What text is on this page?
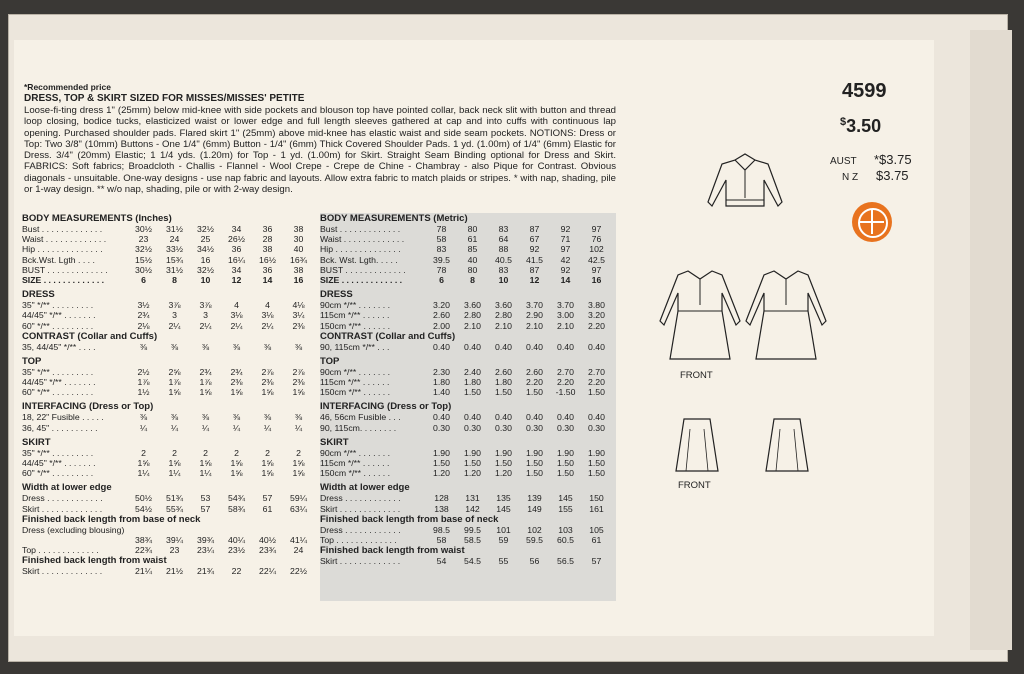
*Recommended price
DRESS, TOP & SKIRT SIZED FOR MISSES/MISSES' PETITE
Loose-fi-ting dress 1" (25mm) below mid-knee with side pockets and blouson top have pointed collar, back neck slit with button and thread loop closing, bodice tucks, elasticized waist or lower edge and full length sleeves gathered at cap and into cuffs with continuous lap opening. Purchased shoulder pads. Flared skirt 1" (25mm) above mid-knee has elastic waist and side seam pockets. NOTIONS: Dress or Top: Two 3/8" (10mm) Buttons - One 1/4" (6mm) Button - 1/4" (6mm) Thick Covered Shoulder Pads. 1 yd. (1.00m) of 1/4" (6mm) Elastic for Dress. 3/4" (20mm) Elastic; 1 1/4 yds. (1.20m) for Top - 1 yd. (1.00m) for Skirt. Straight Seam Binding optional for Dress and Skirt. FABRICS: Soft fabrics; Broadcloth - Challis - Flannel - Wool Crepe - Crepe de Chine - Chambray - also Pique for Contrast. Obvious diagonals - unsuitable. One-way designs - use nap fabric and layouts. Allow extra fabric to match plaids or stripes. * with nap, shading, pile or 1-way design. ** w/o nap, shading, pile or with 2-way design.
4599
$3.50
AUST *$3.75
N Z $3.75
BODY MEASUREMENTS (Inches)
Bust . . . . . . . . . . . . .	30½	31½	32½	34	36	38
Waist . . . . . . . . . . . . .	23	24	25	26½	28	30
Hip . . . . . . . . . . . . . .	32½	33½	34½	36	38	40
Bck.Wst. Lgth . . . .	15½	15¾	16	16¼	16½	16¾
BUST . . . . . . . . . . . . .	30½	31½	32½	34	36	38
SIZE . . . . . . . . . . . . .	6	8	10	12	14	16
DRESS
35" */** . . . . . . . . .	3½	3⅞	3⅞	4	4	4⅛
44/45" */** . . . . . . .	2¾	3	3	3⅛	3⅛	3¼
60" */** . . . . . . . . .	2⅛	2¼	2¼	2¼	2¼	2⅜
CONTRAST (Collar and Cuffs)
35, 44/45" */** . . . .	⅜	⅜	⅜	⅜	⅜	⅜
TOP
35" */** . . . . . . . . .	2½	2⅝	2¾	2¾	2⅞	2⅞
44/45" */** . . . . . . .	1⅞	1⅞	1⅞	2⅜	2⅜	2⅜
60" */** . . . . . . . . .	1½	1⅝	1⅝	1⅝	1⅝	1⅝
INTERFACING (Dress or Top)
18, 22" Fusible . . . . .	⅜	⅜	⅜	⅜	⅜	⅜
36, 45" . . . . . . . . . .	¼	¼	¼	¼	¼	¼
SKIRT
35" */** . . . . . . . . .	2	2	2	2	2	2
44/45" */** . . . . . . .	1⅝	1⅝	1⅝	1⅝	1⅝	1⅝
60" */** . . . . . . . . .	1¼	1¼	1¼	1⅝	1⅝	1⅝
Width at lower edge
Dress . . . . . . . . . . . .	50½	51¾	53	54¾	57	59¼
Skirt . . . . . . . . . . . . .	54½	55¾	57	58¾	61	63¼
Finished back length from base of neck
Dress (excluding blousing)
38¾	39¼	39¾	40¼	40½	41¼
Top . . . . . . . . . . . . .	22¾	23	23¼	23½	23¾	24
Finished back length from waist
Skirt . . . . . . . . . . . . .	21¼	21½	21¾	22	22¼	22½
BODY MEASUREMENTS (Metric)
Bust . . . . . . . . . . . . .	78	80	83	87	92	97
Waist . . . . . . . . . . . . .	58	61	64	67	71	76
Hip . . . . . . . . . . . . . .	83	85	88	92	97	102
Bck. Wst. Lgth. . . . .	39.5	40	40.5	41.5	42	42.5
BUST . . . . . . . . . . . . .	78	80	83	87	92	97
SIZE . . . . . . . . . . . . .	6	8	10	12	14	16
DRESS
90cm */** . . . . . . .	3.20	3.60	3.60	3.70	3.70	3.80
115cm */** . . . . . .	2.60	2.80	2.80	2.90	3.00	3.20
150cm */** . . . . . .	2.00	2.10	2.10	2.10	2.10	2.20
CONTRAST (Collar and Cuffs)
90, 115cm */** . . .	0.40	0.40	0.40	0.40	0.40	0.40
TOP
90cm */** . . . . . . .	2.30	2.40	2.60	2.60	2.70	2.70
115cm */** . . . . . .	1.80	1.80	1.80	2.20	2.20	2.20
150cm */** . . . . . .	1.40	1.50	1.50	1.50	-1.50	1.50
INTERFACING (Dress or Top)
46, 56cm Fusible . . .	0.40	0.40	0.40	0.40	0.40	0.40
90, 115cm. . . . . . . .	0.30	0.30	0.30	0.30	0.30	0.30
SKIRT
90cm */** . . . . . . .	1.90	1.90	1.90	1.90	1.90	1.90
115cm */** . . . . . .	1.50	1.50	1.50	1.50	1.50	1.50
150cm */** . . . . . .	1.20	1.20	1.20	1.50	1.50	1.50
Width at lower edge
Dress . . . . . . . . . . . .	128	131	135	139	145	150
Skirt . . . . . . . . . . . . .	138	142	145	149	155	161
Finished back length from base of neck
Dress . . . . . . . . . . . .	98.5	99.5	101	102	103	105
Top . . . . . . . . . . . . .	58	58.5	59	59.5	60.5	61
Finished back length from waist
Skirt . . . . . . . . . . . . .	54	54.5	55	56	56.5	57
FRONT
FRONT
